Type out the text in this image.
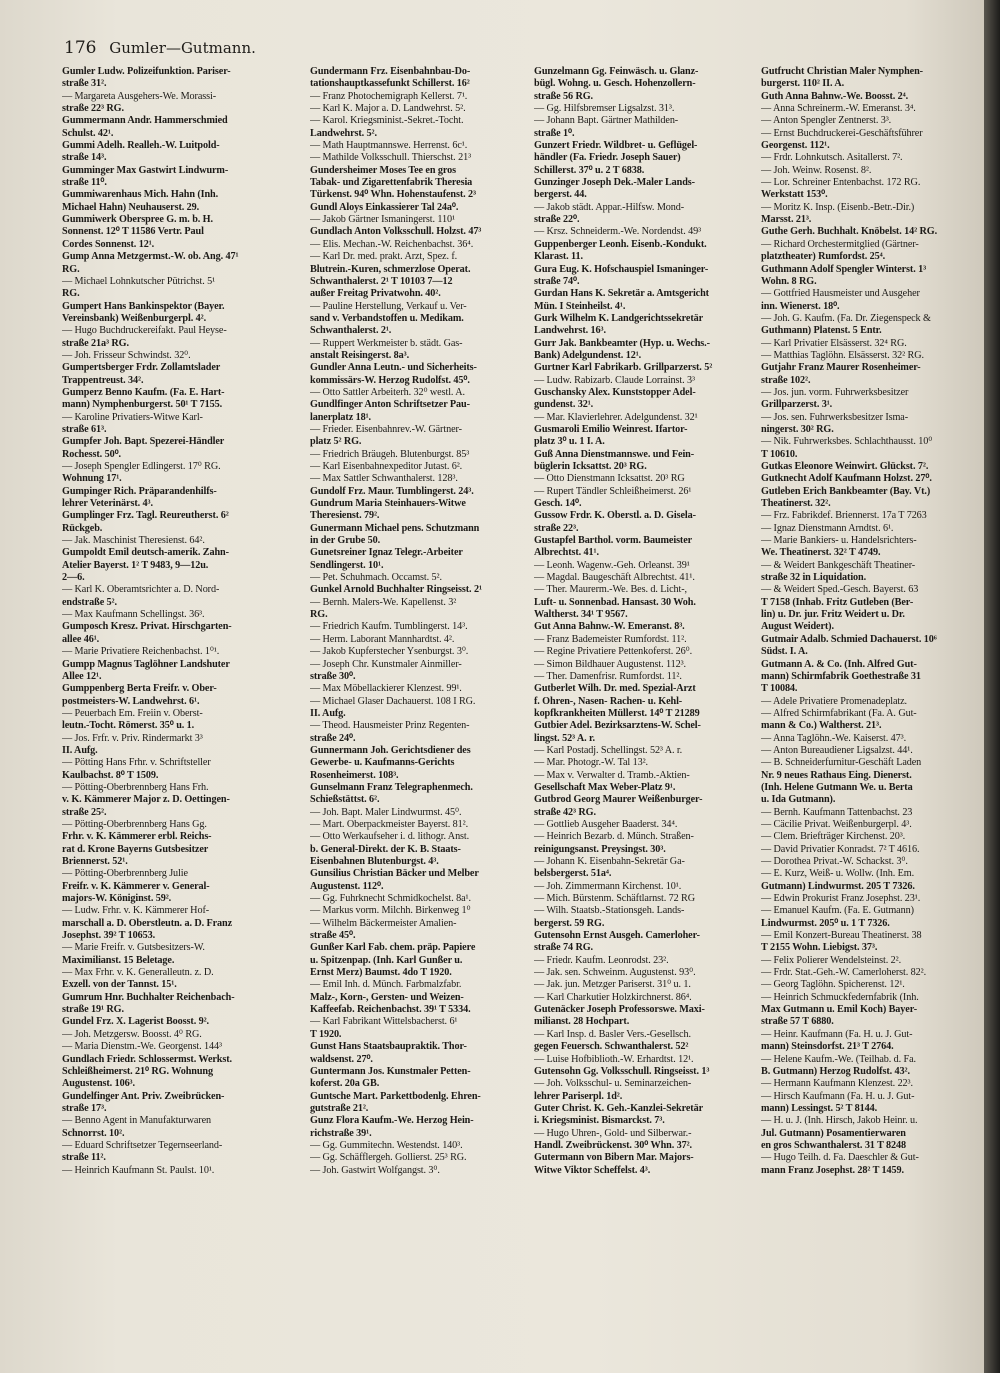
176 Gumler—Gutmann.
Gumler Ludw. Polizeifunktion. Pariser-
straße 31².
— Margareta Ausgehers-We. Morassi-
straße 22³ RG.
Gummermann Andr. Hammerschmied
Schulst. 42¹.
Gummi Adelh. Realleh.-W. Luitpold-
straße 14³.
Gumminger Max Gastwirt Lindwurm-
straße 11⁰.
Gummiwarenhaus Mich. Hahn (Inh.
Michael Hahn) Neuhauserst. 29.
Gummiwerk Oberspree G. m. b. H.
Sonnenst. 12⁰ T 11586 Vertr. Paul
Cordes Sonnenst. 12¹.
Gump Anna Metzgermst.-W. ob. Ang. 47¹
RG.
— Michael Lohnkutscher Pütrichst. 5¹
RG.
Gumpert Hans Bankinspektor (Bayer.
Vereinsbank) Weißenburgerpl. 4².
— Hugo Buchdruckereifakt. Paul Heyse-
straße 21a³ RG.
— Joh. Frisseur Schwindst. 32⁰.
Gumpertsberger Frdr. Zollamtslader
Trappentreust. 34².
Gumperz Benno Kaufm. (Fa. E. Hart-
mann) Nymphenburgerst. 50¹ T 7155.
— Karoline Privatiers-Witwe Karl-
straße 61³.
Gumpfer Joh. Bapt. Spezerei-Händler
Rochesst. 50⁰.
— Joseph Spengler Edlingerst. 17⁰ RG.
Wohnung 17¹.
Gumpinger Rich. Präparandenhilfs-
lehrer Veterinärst. 4³.
Gumplinger Frz. Tagl. Reureutherst. 6²
Rückgeb.
— Jak. Maschinist Theresienst. 64².
Gumpoldt Emil deutsch-amerik. Zahn-
Atelier Bayerst. 1² T 9483, 9—12u.
2—6.
— Karl K. Oberamtsrichter a. D. Nord-
endstraße 5².
— Max Kaufmann Schellingst. 36³.
Gumposch Kresz. Privat. Hirschgarten-
allee 46¹.
— Marie Privatiere Reichenbachst. 1⁰¹.
Gumpp Magnus Taglöhner Landshuter
Allee 12¹.
Gumppenberg Berta Freifr. v. Ober-
postmeisters-W. Landwehrst. 6¹.
— Peuerbach Em. Freiin v. Oberst-
leutn.-Tocht. Römerst. 35⁰ u. 1.
— Jos. Frfr. v. Priv. Rindermarkt 3³
II. Aufg.
— Pötting Hans Frhr. v. Schriftsteller
Kaulbachst. 8⁰ T 1509.
— Pötting-Oberbrennberg Hans Frh.
v. K. Kämmerer Major z. D. Oettingen-
straße 25².
— Pötting-Oberbrennberg Hans Gg.
Frhr. v. K. Kämmerer erbl. Reichs-
rat d. Krone Bayerns Gutsbesitzer
Briennerst. 52¹.
— Pötting-Oberbrennberg Julie
Freifr. v. K. Kämmerer v. General-
majors-W. Königinst. 59².
— Ludw. Frhr. v. K. Kämmerer Hof-
marschall a. D. Oberstleutn. a. D. Franz
Josephst. 39² T 10653.
— Marie Freifr. v. Gutsbesitzers-W.
Maximilianst. 15 Beletage.
— Max Frhr. v. K. Generalleutn. z. D.
Exzell. von der Tannst. 15¹.
Gumrum Hnr. Buchhalter Reichenbach-
straße 19¹ RG.
Gundel Frz. X. Lagerist Boosst. 9².
— Joh. Metzgersw. Boosst. 4⁰ RG.
— Maria Dienstm.-We. Georgenst. 144³
Gundlach Friedr. Schlossermst. Werkst.
Schleißheimerst. 21⁰ RG. Wohnung
Augustenst. 106³.
Gundelfinger Ant. Priv. Zweibrücken-
straße 17³.
— Benno Agent in Manufakturwaren
Schnorrst. 10².
— Eduard Schriftsetzer Tegernseerland-
straße 11².
— Heinrich Kaufmann St. Paulst. 10¹.
Gundermann Frz. Eisenbahnbau-Do-
tationshauptkassefunkt Schillerst. 16²
— Franz Photochemigraph Kellerst. 7¹.
— Karl K. Major a. D. Landwehrst. 5².
— Karol. Kriegsminist.-Sekret.-Tocht.
Landwehrst. 5².
— Math Hauptmannswe. Herrenst. 6c¹.
— Mathilde Volksschull. Thierschst. 21³
Gundersheimer Moses Tee en gros
Tabak- und Zigarettenfabrik Theresia
Türkenst. 94⁰ Whn. Hohenstaufenst. 2³
Gundl Aloys Einkassierer Tal 24a⁰.
— Jakob Gärtner Ismaningerst. 110¹
Gundlach Anton Volksschull. Holzst. 47³
— Elis. Mechan.-W. Reichenbachst. 36⁴.
— Karl Dr. med. prakt. Arzt, Spez. f.
Blutrein.-Kuren, schmerzlose Operat.
Schwanthalerst. 2¹ T 10103 7—12
außer Freitag Privatwohn. 40².
— Pauline Herstellung, Verkauf u. Ver-
sand v. Verbandstoffen u. Medikam.
Schwanthalerst. 2¹.
— Ruppert Werkmeister b. städt. Gas-
anstalt Reisingerst. 8a³.
Gundler Anna Leutn.- und Sicherheits-
kommissärs-W. Herzog Rudolfst. 45⁰.
— Otto Sattler Arbeiterh. 32⁰ westl. A.
Gundlfinger Anton Schriftsetzer Pau-
lanerplatz 18¹.
— Frieder. Eisenbahnrev.-W. Gärtner-
platz 5² RG.
— Friedrich Bräugeh. Blutenburgst. 85³
— Karl Eisenbahnexpeditor Jutast. 6².
— Max Sattler Schwanthalerst. 128³.
Gundolf Frz. Maur. Tumblingerst. 24³.
Gundrum Maria Steinhauers-Witwe
Theresienst. 79².
Gunermann Michael pens. Schutzmann
in der Grube 50.
Gunetsreiner Ignaz Telegr.-Arbeiter
Sendlingerst. 10¹.
— Pet. Schuhmach. Occamst. 5².
Gunkel Arnold Buchhalter Ringseisst. 2¹
— Bernh. Malers-We. Kapellenst. 3²
RG.
— Friedrich Kaufm. Tumblingerst. 14³.
— Herm. Laborant Mannhardtst. 4².
— Jakob Kupferstecher Ysenburgst. 3⁰.
— Joseph Chr. Kunstmaler Ainmiller-
straße 30⁰.
— Max Möbellackierer Klenzest. 99¹.
— Michael Glaser Dachauerst. 108 I RG.
II. Aufg.
— Theod. Hausmeister Prinz Regenten-
straße 24⁰.
Gunnermann Joh. Gerichtsdiener des
Gewerbe- u. Kaufmanns-Gerichts
Rosenheimerst. 108³.
Gunselmann Franz Telegraphenmech.
Schießstättst. 6².
— Joh. Bapt. Maler Lindwurmst. 45⁰.
— Mart. Oberpackmeister Bayerst. 81².
— Otto Werkaufseher i. d. lithogr. Anst.
b. General-Direkt. der K. B. Staats-
Eisenbahnen Blutenburgst. 4³.
Gunsilius Christian Bäcker und Melber
Augustenst. 112⁰.
— Gg. Fuhrknecht Schmidkochelst. 8a¹.
— Markus vorm. Milchh. Birkenweg 1⁰
— Wilhelm Bäckermeister Amalien-
straße 45⁰.
Gunßer Karl Fab. chem. präp. Papiere
u. Spitzenpap. (Inh. Karl Gunßer u.
Ernst Merz) Baumst. 4do T 1920.
— Emil Inh. d. Münch. Farbmalzfabr.
Malz-, Korn-, Gersten- und Weizen-
Kaffeefab. Reichenbachst. 39¹ T 5334.
— Karl Fabrikant Wittelsbacherst. 6¹
T 1920.
Gunst Hans Staatsbaupraktik. Thor-
waldsenst. 27⁰.
Guntermann Jos. Kunstmaler Petten-
koferst. 20a GB.
Guntsche Mart. Parkettbodenlg. Ehren-
gutstraße 21².
Gunz Flora Kaufm.-We. Herzog Hein-
richstraße 39¹.
— Gg. Gummitechn. Westendst. 140³.
— Gg. Schäfflergeh. Gollierst. 25³ RG.
— Joh. Gastwirt Wolfgangst. 3⁰.
Gunzelmann Gg. Feinwäsch. u. Glanz-
bügl. Wohng. u. Gesch. Hohenzollern-
straße 56 RG.
— Gg. Hilfsbremser Ligsalzst. 31³.
— Johann Bapt. Gärtner Mathilden-
straße 1⁰.
Gunzert Friedr. Wildbret- u. Geflügel-
händler (Fa. Friedr. Joseph Sauer)
Schillerst. 37⁰ u. 2 T 6838.
Gunzinger Joseph Dek.-Maler Lands-
bergerst. 44.
— Jakob städt. Appar.-Hilfsw. Mond-
straße 22⁰.
— Krsz. Schneiderm.-We. Nordendst. 49³
Guppenberger Leonh. Eisenb.-Kondukt.
Klarast. 11.
Gura Eug. K. Hofschauspiel Ismaninger-
straße 74⁰.
Gurdan Hans K. Sekretär a. Amtsgericht
Mün. I Steinheilst. 4¹.
Gurk Wilhelm K. Landgerichtssekretär
Landwehrst. 16³.
Gurr Jak. Bankbeamter (Hyp. u. Wechs.-
Bank) Adelgundenst. 12¹.
Gurtner Karl Fabrikarb. Grillparzerst. 5²
— Ludw. Rabizarb. Claude Lorrainst. 3³
Guschansky Alex. Kunststopper Adel-
gundenst. 32¹.
— Mar. Klavierlehrer. Adelgundenst. 32¹
Gusmaroli Emilio Weinrest. Ifartor-
platz 3⁰ u. 1 I. A.
Guß Anna Dienstmannswe. und Fein-
büglerin Icksattst. 20³ RG.
— Otto Dienstmann Icksattst. 20³ RG
— Rupert Tändler Schleißheimerst. 26¹
Gesch. 14⁰.
Gussow Frdr. K. Oberstl. a. D. Gisela-
straße 22³.
Gustapfel Barthol. vorm. Baumeister
Albrechtst. 41¹.
— Leonh. Wagenw.-Geh. Orleanst. 39¹
— Magdal. Baugeschäft Albrechtst. 41¹.
— Ther. Maurerm.-We. Bes. d. Licht-,
Luft- u. Sonnenbad. Hansast. 30 Woh.
Waltherst. 34¹ T 9567.
Gut Anna Bahnw.-W. Emeranst. 8³.
— Franz Bademeister Rumfordst. 11².
— Regine Privatiere Pettenkoferst. 26⁰.
— Simon Bildhauer Augustenst. 112³.
— Ther. Damenfrisr. Rumfordst. 11².
Gutberlet Wilh. Dr. med. Spezial-Arzt
f. Ohren-, Nasen- Rachen- u. Kehl-
kopfkrankheiten Müllerst. 14⁰ T 21289
Gutbier Adel. Bezirksarztens-W. Schel-
lingst. 52³ A. r.
— Karl Postadj. Schellingst. 52³ A. r.
— Mar. Photogr.-W. Tal 13².
— Max v. Verwalter d. Tramb.-Aktien-
Gesellschaft Max Weber-Platz 9¹.
Gutbrod Georg Maurer Weißenburger-
straße 42³ RG.
— Gottlieb Ausgeher Baaderst. 34⁴.
— Heinrich Bezarb. d. Münch. Straßen-
reinigungsanst. Preysingst. 30³.
— Johann K. Eisenbahn-Sekretär Ga-
belsbergerst. 51a⁴.
— Joh. Zimmermann Kirchenst. 10¹.
— Mich. Bürstenm. Schäftlarnst. 72 RG
— Wilh. Staatsb.-Stationsgeh. Lands-
bergerst. 59 RG.
Gutensohn Ernst Ausgeh. Camerloher-
straße 74 RG.
— Friedr. Kaufm. Leonrodst. 23².
— Jak. sen. Schweinm. Augustenst. 93⁰.
— Jak. jun. Metzger Pariserst. 31⁰ u. 1.
— Karl Charkutier Holzkirchnerst. 86⁴.
Gutenäcker Joseph Professorswe. Maxi-
milianst. 28 Hochpart.
— Karl Insp. d. Basler Vers.-Gesellsch.
gegen Feuersch. Schwanthalerst. 52²
— Luise Hofbiblioth.-W. Erhardtst. 12¹.
Gutensohn Gg. Volksschull. Ringseisst. 1³
— Joh. Volksschul- u. Seminarzeichen-
lehrer Pariserpl. 1d².
Guter Christ. K. Geh.-Kanzlei-Sekretär
i. Kriegsminist. Bismarckst. 7³.
— Hugo Uhren-, Gold- und Silberwar.-
Handl. Zweibrückenst. 30⁰ Whn. 37².
Gutermann von Bibern Mar. Majors-
Witwe Viktor Scheffelst. 4³.
Gutfrucht Christian Maler Nymphen-
burgerst. 110² II. A.
Guth Anna Bahnw.-We. Boosst. 2⁴.
— Anna Schreinerm.-W. Emeranst. 3⁴.
— Anton Spengler Zentnerst. 3³.
— Ernst Buchdruckerei-Geschäftsführer
Georgenst. 112¹.
— Frdr. Lohnkutsch. Asitallerst. 7².
— Joh. Weinw. Rosenst. 8².
— Lor. Schreiner Entenbachst. 172 RG.
Werkstatt 153⁰.
— Moritz K. Insp. (Eisenb.-Betr.-Dir.)
Marsst. 21³.
Guthe Gerh. Buchhalt. Knöbelst. 14² RG.
— Richard Orchestermitglied (Gärtner-
platztheater) Rumfordst. 25⁴.
Guthmann Adolf Spengler Winterst. 1³
Wohn. 8 RG.
— Gottfried Hausmeister und Ausgeher
inn. Wienerst. 18⁰.
— Joh. G. Kaufm. (Fa. Dr. Ziegenspeck &
Guthmann) Platenst. 5 Entr.
— Karl Privatier Elsässerst. 32⁴ RG.
— Matthias Taglöhn. Elsässerst. 32² RG.
Gutjahr Franz Maurer Rosenheimer-
straße 102².
— Jos. jun. vorm. Fuhrwerksbesitzer
Grillparzerst. 3¹.
— Jos. sen. Fuhrwerksbesitzer Isma-
ningerst. 30² RG.
— Nik. Fuhrwerksbes. Schlachthausst. 10⁰
T 10610.
Gutkas Eleonore Weinwirt. Glückst. 7².
Gutknecht Adolf Kaufmann Holzst. 27⁰.
Gutleben Erich Bankbeamter (Bay. Vt.)
Theatinerst. 32².
— Frz. Fabrikdef. Briennerst. 17a T 7263
— Ignaz Dienstmann Arndtst. 6¹.
— Marie Bankiers- u. Handelsrichters-
We. Theatinerst. 32² T 4749.
— & Weidert Bankgeschäft Theatiner-
straße 32 in Liquidation.
— & Weidert Sped.-Gesch. Bayerst. 63
T 7158 (Inhab. Fritz Gutleben (Ber-
lin) u. Dr. jur. Fritz Weidert u. Dr.
August Weidert).
Gutmair Adalb. Schmied Dachauerst. 10⁶
Südst. I. A.
Gutmann A. & Co. (Inh. Alfred Gut-
mann) Schirmfabrik Goethestraße 31
T 10084.
— Adele Privatiere Promenadeplatz.
— Alfred Schirmfabrikant (Fa. A. Gut-
mann & Co.) Waltherst. 21³.
— Anna Taglöhn.-We. Kaiserst. 47³.
— Anton Bureaudiener Ligsalzst. 44¹.
— B. Schneiderfurnitur-Geschäft Laden
Nr. 9 neues Rathaus Eing. Dienerst.
(Inh. Helene Gutmann We. u. Berta
u. Ida Gutmann).
— Bernh. Kaufmann Tattenbachst. 23
— Cäcilie Privat. Weißenburgerpl. 4³.
— Clem. Briefträger Kirchenst. 20³.
— David Privatier Konradst. 7² T 4616.
— Dorothea Privat.-W. Schackst. 3⁰.
— E. Kurz, Weiß- u. Wollw. (Inh. Em.
Gutmann) Lindwurmst. 205 T 7326.
— Edwin Prokurist Franz Josephst. 23¹.
— Emanuel Kaufm. (Fa. E. Gutmann)
Lindwurmst. 205⁰ u. 1 T 7326.
— Emil Konzert-Bureau Theatinerst. 38
T 2155 Wohn. Liebigst. 37³.
— Felix Polierer Wendelsteinst. 2².
— Frdr. Stat.-Geh.-W. Camerloherst. 82².
— Georg Taglöhn. Spicherenst. 12¹.
— Heinrich Schmuckfedernfabrik (Inh.
Max Gutmann u. Emil Koch) Bayer-
straße 57 T 6880.
— Heinr. Kaufmann (Fa. H. u. J. Gut-
mann) Steinsdorfst. 21³ T 2764.
— Helene Kaufm.-We. (Teilhab. d. Fa.
B. Gutmann) Herzog Rudolfst. 43².
— Hermann Kaufmann Klenzest. 22³.
— Hirsch Kaufmann (Fa. H. u. J. Gut-
mann) Lessingst. 5² T 8144.
— H. u. J. (Inh. Hirsch, Jakob Heinr. u.
Jul. Gutmann) Posamentierwaren
en gros Schwanthalerst. 31 T 8248
— Hugo Teilh. d. Fa. Daeschler & Gut-
mann Franz Josephst. 28² T 1459.
